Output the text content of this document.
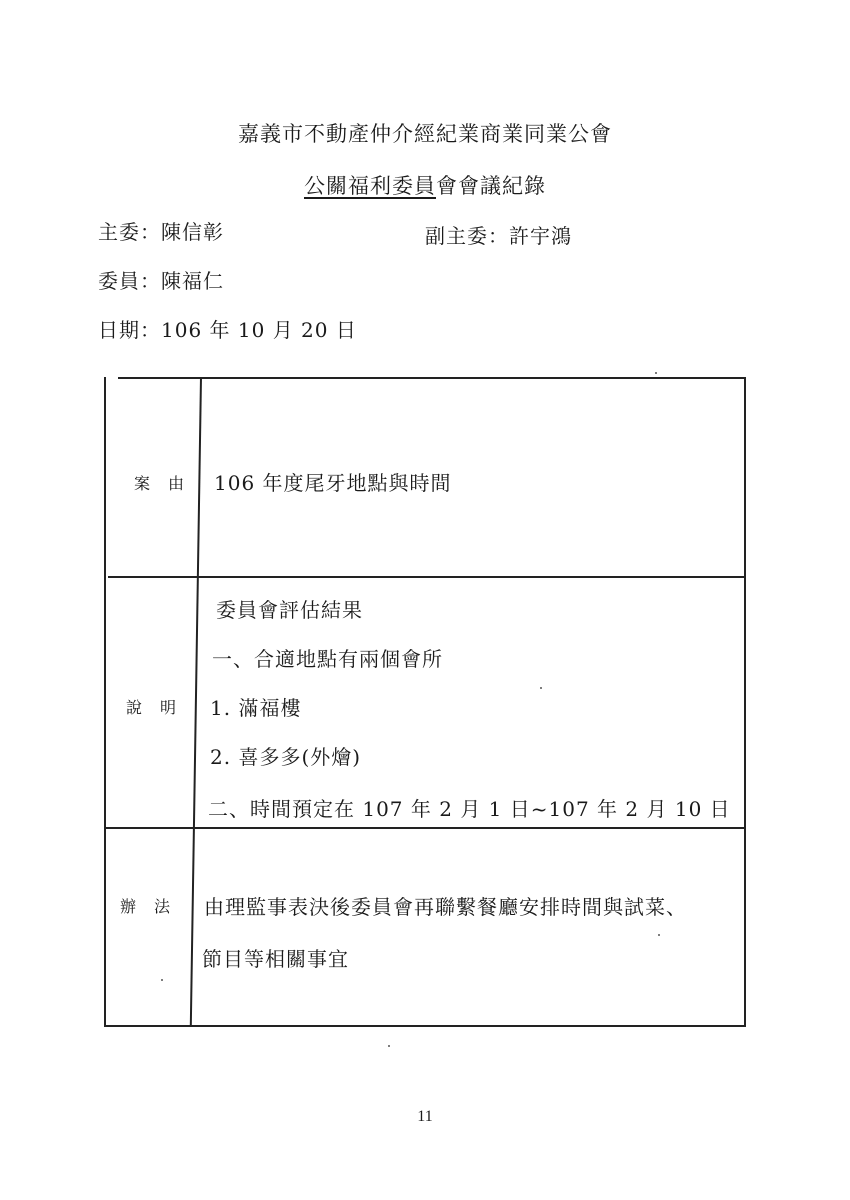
嘉義市不動產仲介經紀業商業同業公會
公關福利委員會會議紀錄
主委：陳信彰	副主委：許宇鴻
委員：陳福仁
日期：106 年 10 月 20 日
案由 106 年度尾牙地點與時間
說明
委員會評估結果
一、合適地點有兩個會所
1. 滿福樓
2. 喜多多(外燴)
二、時間預定在 107 年 2 月 1 日~107 年 2 月 10 日
辦法 由理監事表決後委員會再聯繫餐廳安排時間與試菜、
節目等相關事宜
11
